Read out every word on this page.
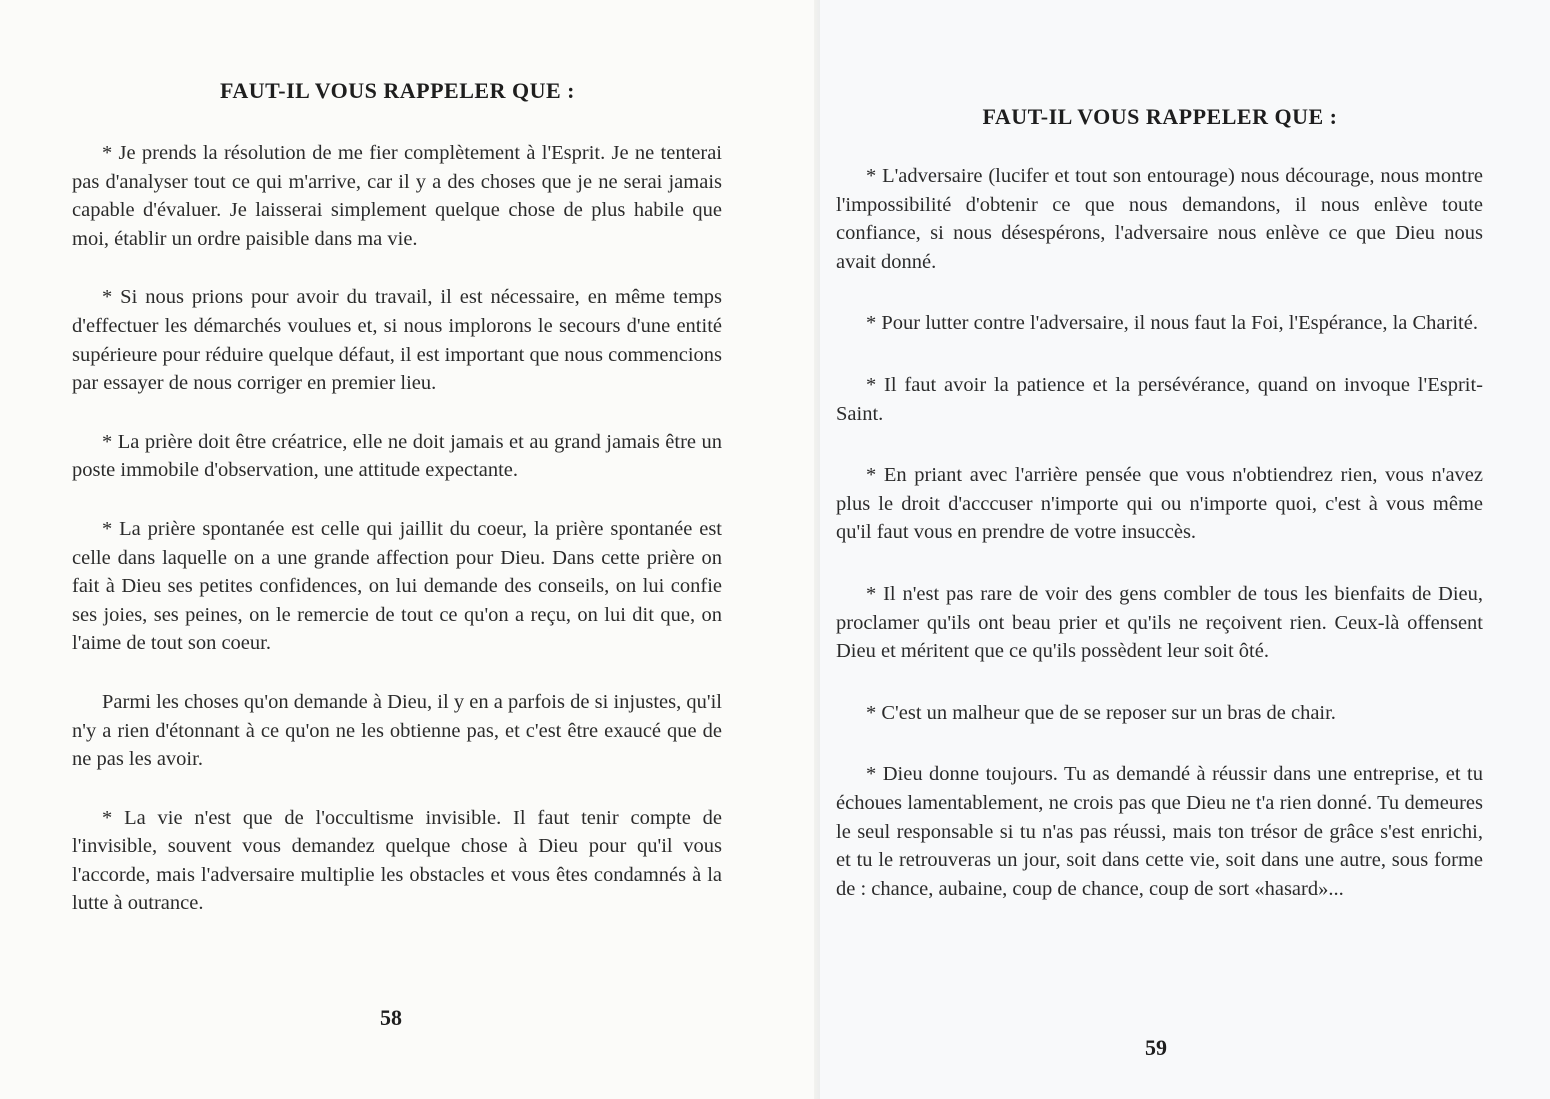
FAUT-IL VOUS RAPPELER QUE :

* Je prends la résolution de me fier complètement à l'Esprit. Je ne tenterai pas d'analyser tout ce qui m'arrive, car il y a des choses que je ne serai jamais capable d'évaluer. Je laisserai simplement quelque chose de plus habile que moi, établir un ordre paisible dans ma vie.

* Si nous prions pour avoir du travail, il est nécessaire, en même temps d'effectuer les démarchés voulues et, si nous implorons le secours d'une entité supérieure pour réduire quelque défaut, il est important que nous commencions par essayer de nous corriger en premier lieu.

* La prière doit être créatrice, elle ne doit jamais et au grand jamais être un poste immobile d'observation, une attitude expectante.

* La prière spontanée est celle qui jaillit du coeur, la prière spontanée est celle dans laquelle on a une grande affection pour Dieu. Dans cette prière on fait à Dieu ses petites confidences, on lui demande des conseils, on lui confie ses joies, ses peines, on le remercie de tout ce qu'on a reçu, on lui dit que, on l'aime de tout son coeur.

Parmi les choses qu'on demande à Dieu, il y en a parfois de si injustes, qu'il n'y a rien d'étonnant à ce qu'on ne les obtienne pas, et c'est être exaucé que de ne pas les avoir.

* La vie n'est que de l'occultisme invisible. Il faut tenir compte de l'invisible, souvent vous demandez quelque chose à Dieu pour qu'il vous l'accorde, mais l'adversaire multiplie les obstacles et vous êtes condamnés à la lutte à outrance.

58
FAUT-IL VOUS RAPPELER QUE :

* L'adversaire (lucifer et tout son entourage) nous décourage, nous montre l'impossibilité d'obtenir ce que nous demandons, il nous enlève toute confiance, si nous désespérons, l'adversaire nous enlève ce que Dieu nous avait donné.

* Pour lutter contre l'adversaire, il nous faut la Foi, l'Espérance, la Charité.

* Il faut avoir la patience et la persévérance, quand on invoque l'Esprit-Saint.

* En priant avec l'arrière pensée que vous n'obtiendrez rien, vous n'avez plus le droit d'acccuser n'importe qui ou n'importe quoi, c'est à vous même qu'il faut vous en prendre de votre insuccès.

* Il n'est pas rare de voir des gens combler de tous les bienfaits de Dieu, proclamer qu'ils ont beau prier et qu'ils ne reçoivent rien. Ceux-là offensent Dieu et méritent que ce qu'ils possèdent leur soit ôté.

* C'est un malheur que de se reposer sur un bras de chair.

* Dieu donne toujours. Tu as demandé à réussir dans une entreprise, et tu échoues lamentablement, ne crois pas que Dieu ne t'a rien donné. Tu demeures le seul responsable si tu n'as pas réussi, mais ton trésor de grâce s'est enrichi, et tu le retrouveras un jour, soit dans cette vie, soit dans une autre, sous forme de : chance, aubaine, coup de chance, coup de sort «hasard»...

59
